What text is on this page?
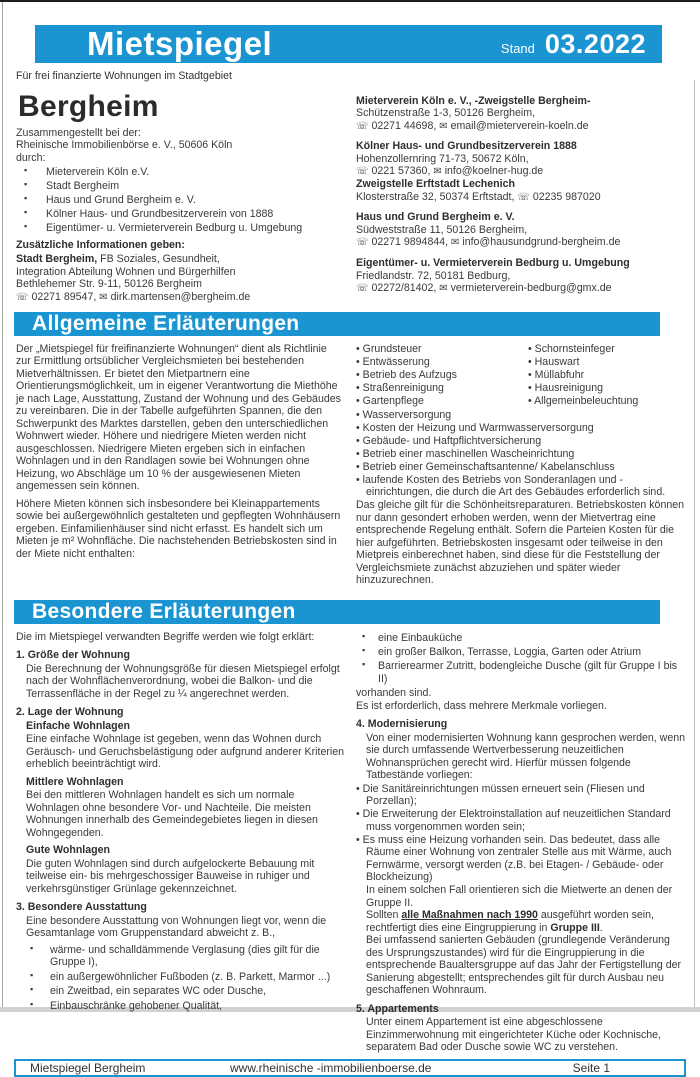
Mietspiegel	Stand 03.2022
Für frei finanzierte Wohnungen im Stadtgebiet
Bergheim

Zusammengestellt bei der:

Rheinische Immobilienbörse e. V., 50606 Köln

durch:

▪ Mieterverein Köln e.V.
▪ Stadt Bergheim
▪ Haus und Grund Bergheim e. V.
▪ Kölner Haus- und Grundbesitzerverein von 1888
▪ Eigentümer- u. Vermieterverein Bedburg u. Umgebung

Zusätzliche Informationen geben:

Stadt Bergheim, FB Soziales, Gesundheit,

Integration Abteilung Wohnen und Bürgerhilfen

Bethlehemer Str. 9-11, 50126 Bergheim

☏ 02271 89547, ✉ dirk.martensen@bergheim.de

Mieterverein Köln e. V., -Zweigstelle Bergheim-

Schützenstraße 1-3, 50126 Bergheim,

☏ 02271 44698, ✉ email@mieterverein-koeln.de

Kölner Haus- und Grundbesitzerverein 1888

Hohenzollernring 71-73, 50672 Köln,

☏ 0221 57360, ✉ info@koelner-hug.de

Zweigstelle Erftstadt Lechenich

Klosterstraße 32, 50374 Erftstadt, ☏ 02235 987020

Haus und Grund Bergheim e. V.

Südweststraße 11, 50126 Bergheim,

☏ 02271 9894844, ✉ info@hausundgrund-bergheim.de

Eigentümer- u. Vermieterverein Bedburg u. Umgebung

Friedlandstr. 72, 50181 Bedburg,

☏ 02272/81402, ✉ vermieterverein-bedburg@gmx.de

Allgemeine Erläuterungen

Der „Mietspiegel für freifinanzierte Wohnungen“ dient als Richtlinie zur Ermittlung ortsüblicher Vergleichsmieten bei bestehenden Mietverhältnissen. Er bietet den Mietpartnern eine Orientierungsmöglichkeit, um in eigener Verantwortung die Miethöhe je nach Lage, Ausstattung, Zustand der Wohnung und des Gebäudes zu vereinbaren. Die in der Tabelle aufgeführten Spannen, die den Schwerpunkt des Marktes darstellen, geben den unterschiedlichen Wohnwert wieder. Höhere und niedrigere Mieten werden nicht ausgeschlossen. Niedrigere Mieten ergeben sich in einfachen Wohnlagen und in den Randlagen sowie bei Wohnungen ohne Heizung, wo Abschläge um 10 % der ausgewiesenen Mieten angemessen sein können.

Höhere Mieten können sich insbesondere bei Kleinappartements sowie bei außergewöhnlich gestalteten und gepflegten Wohnhäusern ergeben. Einfamilienhäuser sind nicht erfasst. Es handelt sich um Mieten je m² Wohnfläche. Die nachstehenden Betriebskosten sind in der Miete nicht enthalten:

• Grundsteuer
• Entwässerung
• Betrieb des Aufzugs
• Straßenreinigung
• Gartenpflege
• Schornsteinfeger
• Hauswart
• Müllabfuhr
• Hausreinigung
• Allgemeinbeleuchtung
• Wasserversorgung
• Kosten der Heizung und Warmwasserversorgung
• Gebäude- und Haftpflichtversicherung
• Betrieb einer maschinellen Wascheinrichtung
• Betrieb einer Gemeinschaftsantenne/ Kabelanschluss
• laufende Kosten des Betriebs von Sonderanlagen und -einrichtungen, die durch die Art des Gebäudes erforderlich sind.

Das gleiche gilt für die Schönheitsreparaturen. Betriebskosten können nur dann gesondert erhoben werden, wenn der Mietvertrag eine entsprechende Regelung enthält. Sofern die Parteien Kosten für die hier aufgeführten. Betriebskosten insgesamt oder teilweise in den Mietpreis einberechnet haben, sind diese für die Feststellung der Vergleichsmiete zunächst abzuziehen und später wieder hinzuzurechnen.

Besondere Erläuterungen

Die im Mietspiegel verwandten Begriffe werden wie folgt erklärt:

1. Größe der Wohnung

Die Berechnung der Wohnungsgröße für diesen Mietspiegel erfolgt nach der Wohnflächenverordnung, wobei die Balkon- und die Terrassenfläche in der Regel zu ¼ angerechnet werden.

2. Lage der Wohnung
Einfache Wohnlagen

Eine einfache Wohnlage ist gegeben, wenn das Wohnen durch Geräusch- und Geruchsbelästigung oder aufgrund anderer Kriterien erheblich beeinträchtigt wird.

Mittlere Wohnlagen

Bei den mittleren Wohnlagen handelt es sich um normale Wohnlagen ohne besondere Vor- und Nachteile. Die meisten Wohnungen innerhalb des Gemeindegebietes liegen in diesen Wohngegenden.

Gute Wohnlagen

Die guten Wohnlagen sind durch aufgelockerte Bebauung mit teilweise ein- bis mehrgeschossiger Bauweise in ruhiger und verkehrsgünstiger Grünlage gekennzeichnet.

3. Besondere Ausstattung

Eine besondere Ausstattung von Wohnungen liegt vor, wenn die Gesamtanlage vom Gruppenstandard abweicht z. B.,

▪ wärme- und schalldämmende Verglasung (dies gilt für die Gruppe I),
▪ ein außergewöhnlicher Fußboden (z. B. Parkett, Marmor ...)
▪ ein Zweitbad, ein separates WC oder Dusche,
▪ Einbauschränke gehobener Qualität,
▪ eine Einbauküche
▪ ein großer Balkon, Terrasse, Loggia, Garten oder Atrium
▪ Barrierearmer Zutritt, bodengleiche Dusche (gilt für Gruppe I bis II)

vorhanden sind.

Es ist erforderlich, dass mehrere Merkmale vorliegen.

4. Modernisierung

Von einer modernisierten Wohnung kann gesprochen werden, wenn sie durch umfassende Wertverbesserung neuzeitlichen Wohnansprüchen gerecht wird. Hierfür müssen folgende Tatbestände vorliegen:

• Die Sanitäreinrichtungen müssen erneuert sein (Fliesen und Porzellan);
• Die Erweiterung der Elektroinstallation auf neuzeitlichen Standard muss vorgenommen worden sein;
• Es muss eine Heizung vorhanden sein. Das bedeutet, dass alle Räume einer Wohnung von zentraler Stelle aus mit Wärme, auch Fernwärme, versorgt werden (z.B. bei Etagen- / Gebäude- oder Blockheizung)

In einem solchen Fall orientieren sich die Mietwerte an denen der Gruppe II.

Sollten alle Maßnahmen nach 1990 ausgeführt worden sein, rechtfertigt dies eine Eingruppierung in Gruppe III.

Bei umfassend sanierten Gebäuden (grundlegende Veränderung des Ursprungszustandes) wird für die Eingruppierung in die entsprechende Baualtersgruppe auf das Jahr der Fertigstellung der Sanierung abgestellt; entsprechendes gilt für durch Ausbau neu geschaffenen Wohnraum.

5. Appartements

Unter einem Appartement ist eine abgeschlossene Einzimmerwohnung mit eingerichteter Küche oder Kochnische, separatem Bad oder Dusche sowie WC zu verstehen.

Mietspiegel Bergheim	www.rheinische -immobilienboerse.de	Seite 1
